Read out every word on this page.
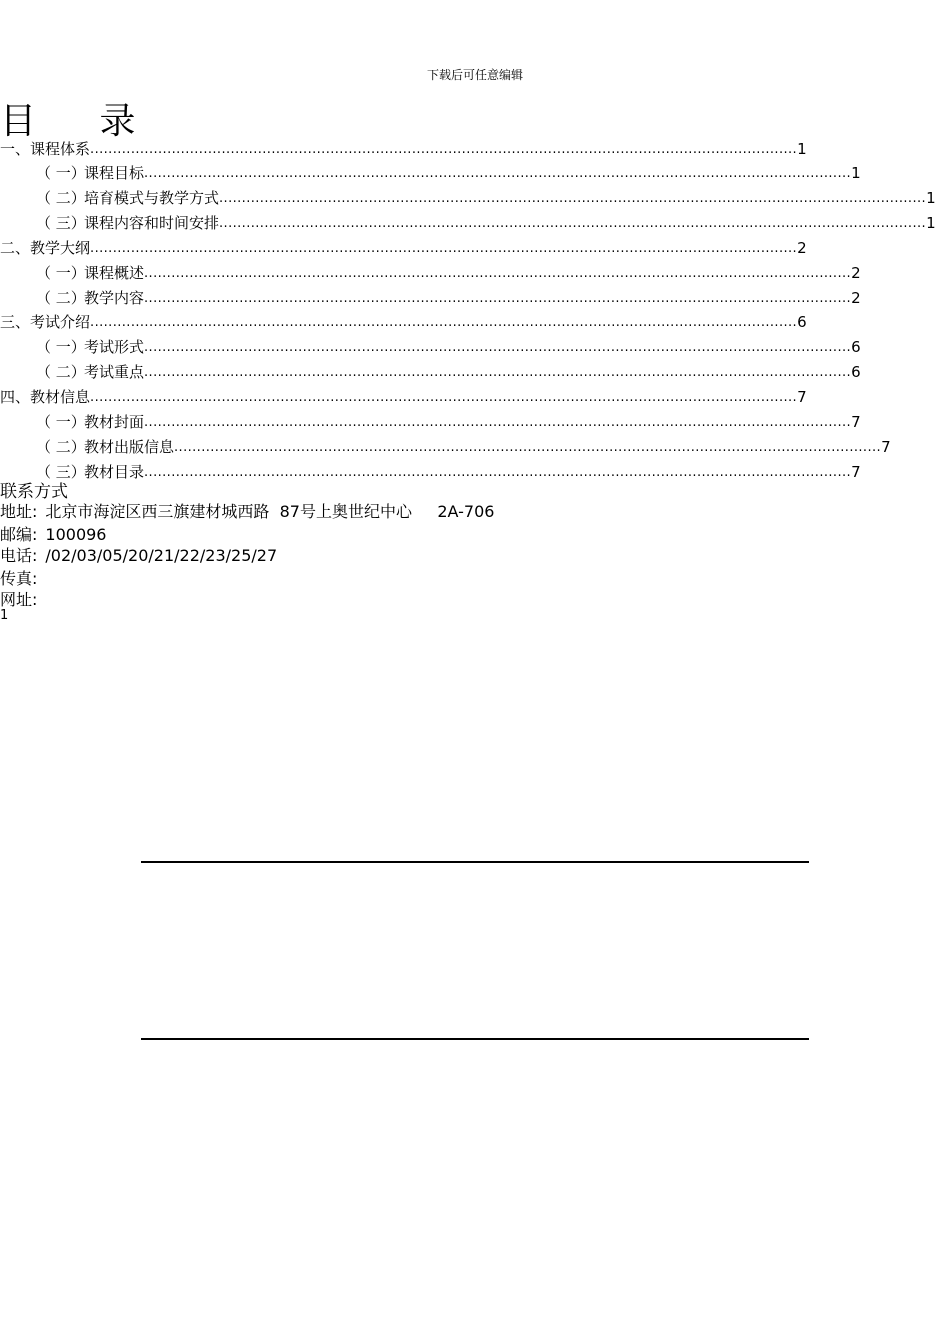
下载后可任意编辑
目 录
一、 课程体系 ............................................................................................................................................................ 1
（ 一）
课程目标 ............................................................................................................................................................ 1
（ 二）
培育模式与教学方式 ............................................................................................................................................................ 1
（ 三）
课程内容和时间安排 ............................................................................................................................................................ 1
二、 教学大纲 ............................................................................................................................................................ 2
（ 一）
课程概述 ............................................................................................................................................................ 2
（ 二）
教学内容 ............................................................................................................................................................ 2
三、 考试介绍 ............................................................................................................................................................ 6
（ 一）
考试形式 ............................................................................................................................................................ 6
（ 二）
考试重点 ............................................................................................................................................................ 6
四、 教材信息 ............................................................................................................................................................ 7
（ 一）
教材封面 ............................................................................................................................................................ 7
（ 二）
教材出版信息 ............................................................................................................................................................ 7
（ 三）
教材目录 ............................................................................................................................................................ 7
联系方式
地址: 北京市海淀区西三旗建材城西路  87号上奥世纪中心     2A-706
邮编: 100096
电话: /02/03/05/20/21/22/23/25/27
传真:
网址:
1
